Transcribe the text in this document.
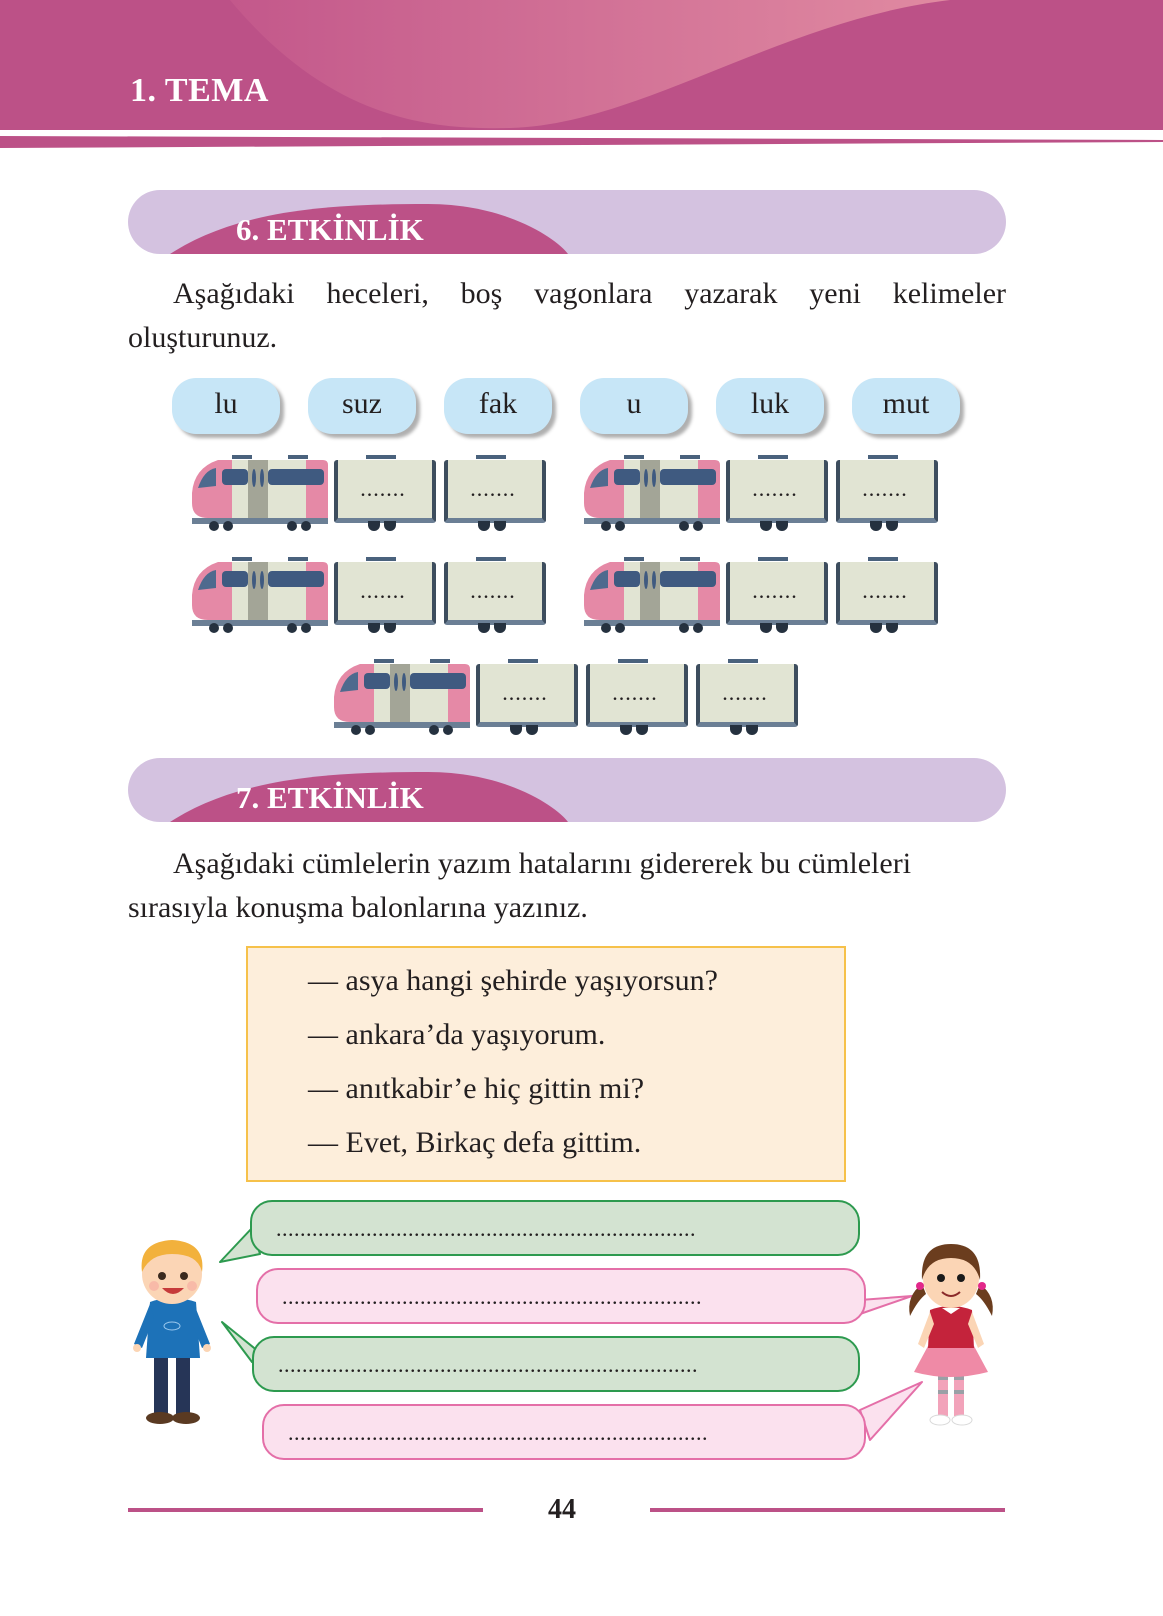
1. TEMA
6. ETKİNLİK
Aşağıdaki heceleri, boş vagonlara yazarak yeni kelimeler oluşturunuz.
lu	suz	fak	u	luk	mut
.......	.......	.......	.......
.......	.......	.......	.......
.......	.......	.......
7. ETKİNLİK
Aşağıdaki cümlelerin yazım hatalarını gidererek bu cümleleri sırasıyla konuşma balonlarına yazınız.
— asya hangi şehirde yaşıyorsun?
— ankara’da yaşıyorum.
— anıtkabir’e hiç gittin mi?
— Evet, Birkaç defa gittim.
......................................................................
......................................................................
......................................................................
......................................................................
44
